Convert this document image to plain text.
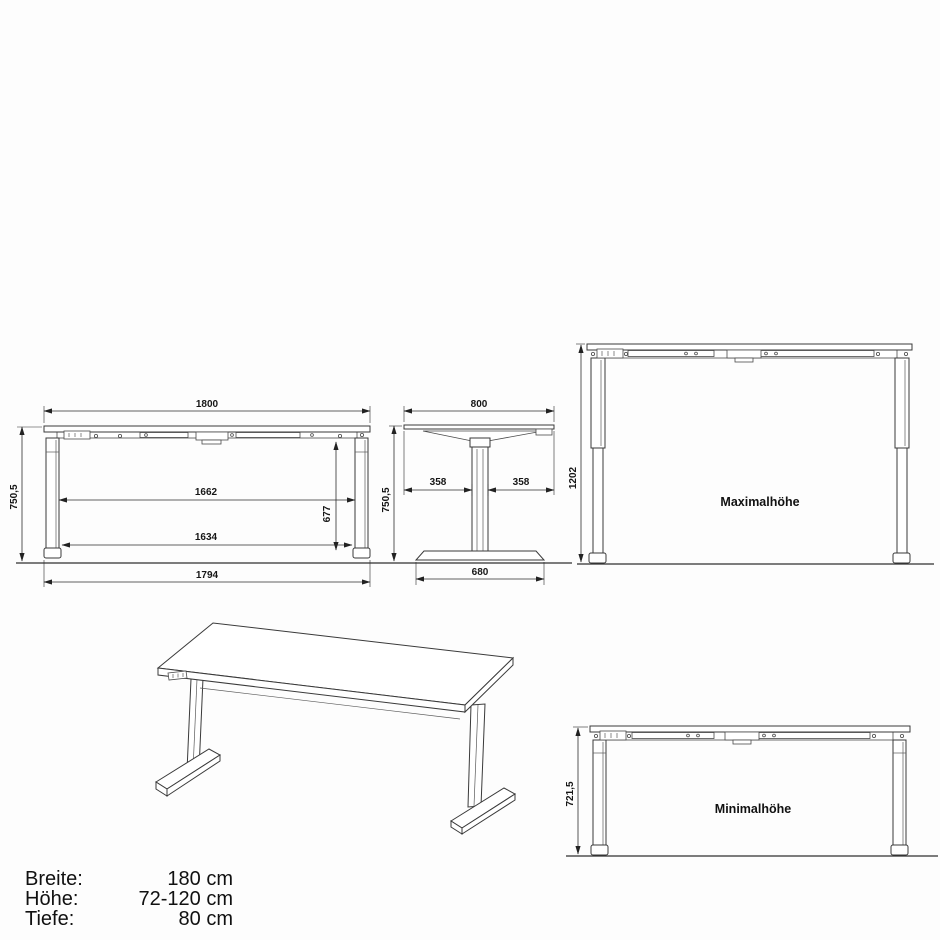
1800
750,5	1662
677
1634
1794
800
750,5
358	358
680
1202
Maximalhöhe
721,5
Minimalhöhe
Breite:	180 cm
Höhe:	72-120 cm
Tiefe:	80 cm
